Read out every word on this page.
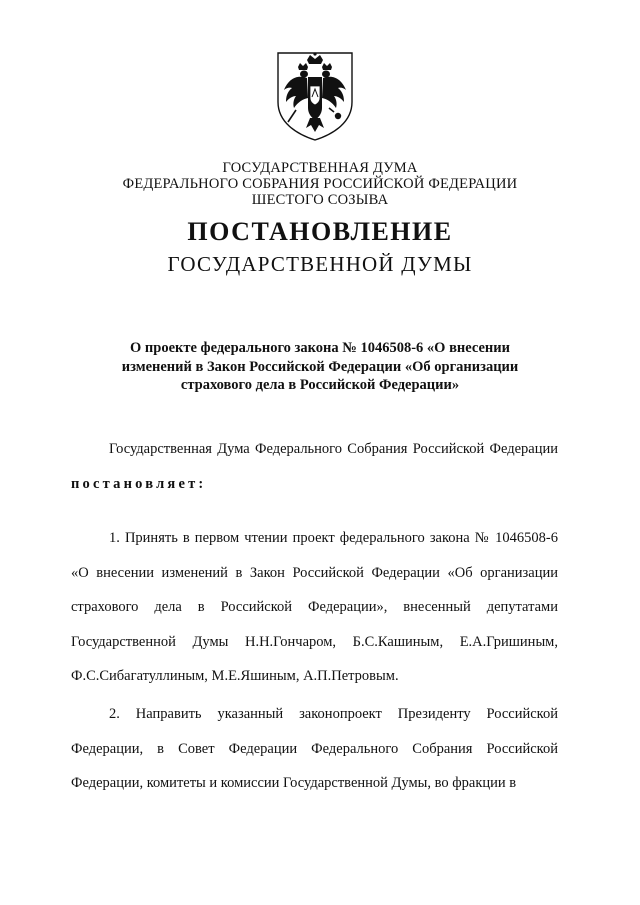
ГОСУДАРСТВЕННАЯ ДУМА
ФЕДЕРАЛЬНОГО СОБРАНИЯ РОССИЙСКОЙ ФЕДЕРАЦИИ
ШЕСТОГО СОЗЫВА
ПОСТАНОВЛЕНИЕ
ГОСУДАРСТВЕННОЙ ДУМЫ
О проекте федерального закона № 1046508-6 «О внесении изменений в Закон Российской Федерации «Об организации страхового дела в Российской Федерации»
Государственная Дума Федерального Собрания Российской Федерации постановляет:
1. Принять в первом чтении проект федерального закона № 1046508-6 «О внесении изменений в Закон Российской Федерации «Об организации страхового дела в Российской Федерации», внесенный депутатами Государственной Думы Н.Н.Гончаром, Б.С.Кашиным, Е.А.Гришиным, Ф.С.Сибагатуллиным, М.Е.Яшиным, А.П.Петровым.
2. Направить указанный законопроект Президенту Российской Федерации, в Совет Федерации Федерального Собрания Российской Федерации, комитеты и комиссии Государственной Думы, во фракции в
